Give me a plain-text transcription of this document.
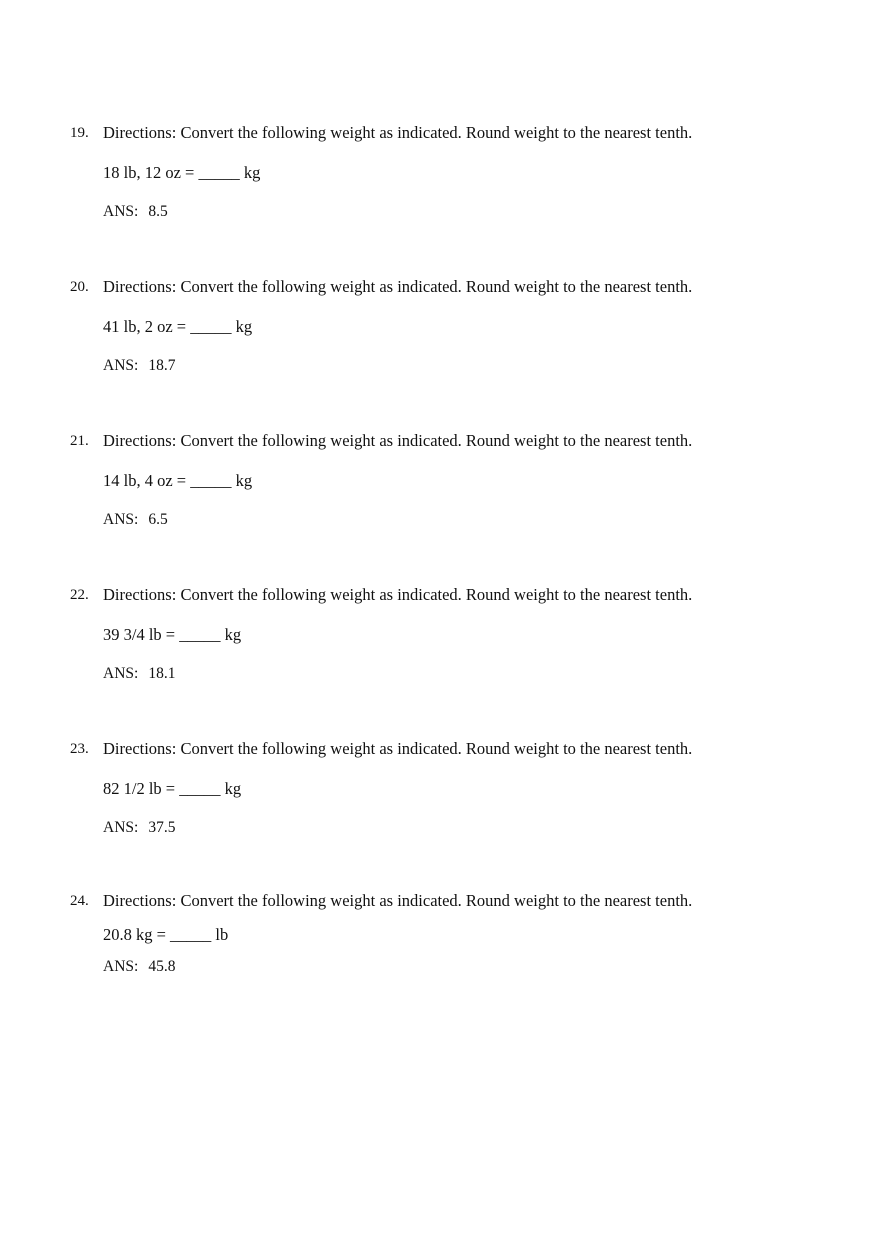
19. Directions: Convert the following weight as indicated. Round weight to the nearest tenth.
18 lb, 12 oz = _____ kg
ANS: 8.5
20. Directions: Convert the following weight as indicated. Round weight to the nearest tenth.
41 lb, 2 oz = _____ kg
ANS: 18.7
21. Directions: Convert the following weight as indicated. Round weight to the nearest tenth.
14 lb, 4 oz = _____ kg
ANS: 6.5
22. Directions: Convert the following weight as indicated. Round weight to the nearest tenth.
39 3/4 lb = _____ kg
ANS: 18.1
23. Directions: Convert the following weight as indicated. Round weight to the nearest tenth.
82 1/2 lb = _____ kg
ANS: 37.5
24. Directions: Convert the following weight as indicated. Round weight to the nearest tenth.
20.8 kg = _____ lb
ANS: 45.8
